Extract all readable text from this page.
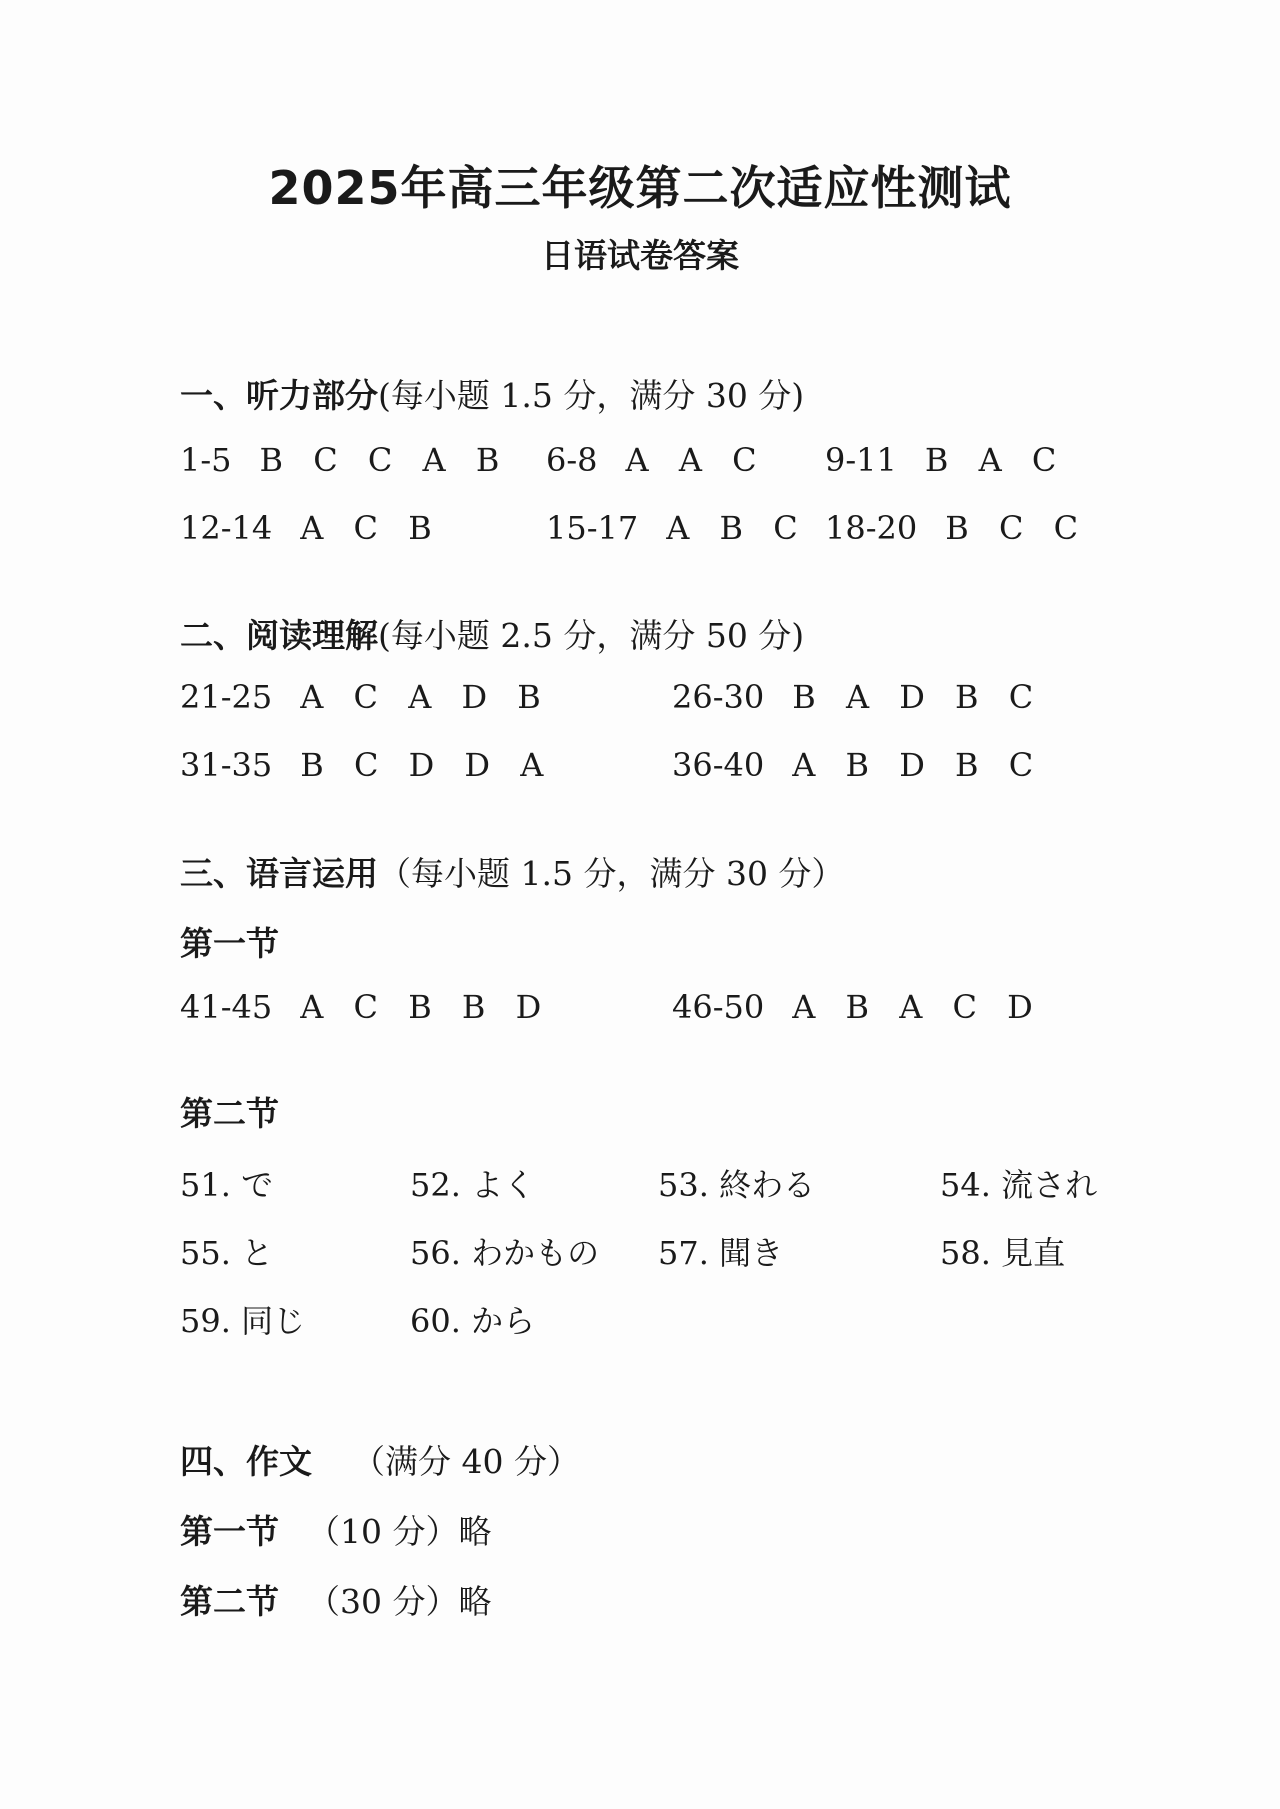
2025年高三年级第二次适应性测试
日语试卷答案
一、听力部分(每小题 1.5 分，满分 30 分)
1-5 B C C A B 6-8 A A C 9-11 B A C
12-14 A C B	15-17 A B C 18-20 B C C
二、阅读理解(每小题 2.5 分，满分 50 分)
21-25 A C A D B	26-30 B A D B C
31-35 B C D D A	36-40 A B D B C
三、语言运用（每小题 1.5 分，满分 30 分）
第一节
41-45 A C B B D	46-50 A B A C D
第二节
51. で	52. よく	53. 終わる	54. 流され
55. と	56. わかもの 57. 聞き	58. 見直
59. 同じ	60. から
四、作文 （满分 40 分）
第一节 （10 分）略
第二节 （30 分）略
